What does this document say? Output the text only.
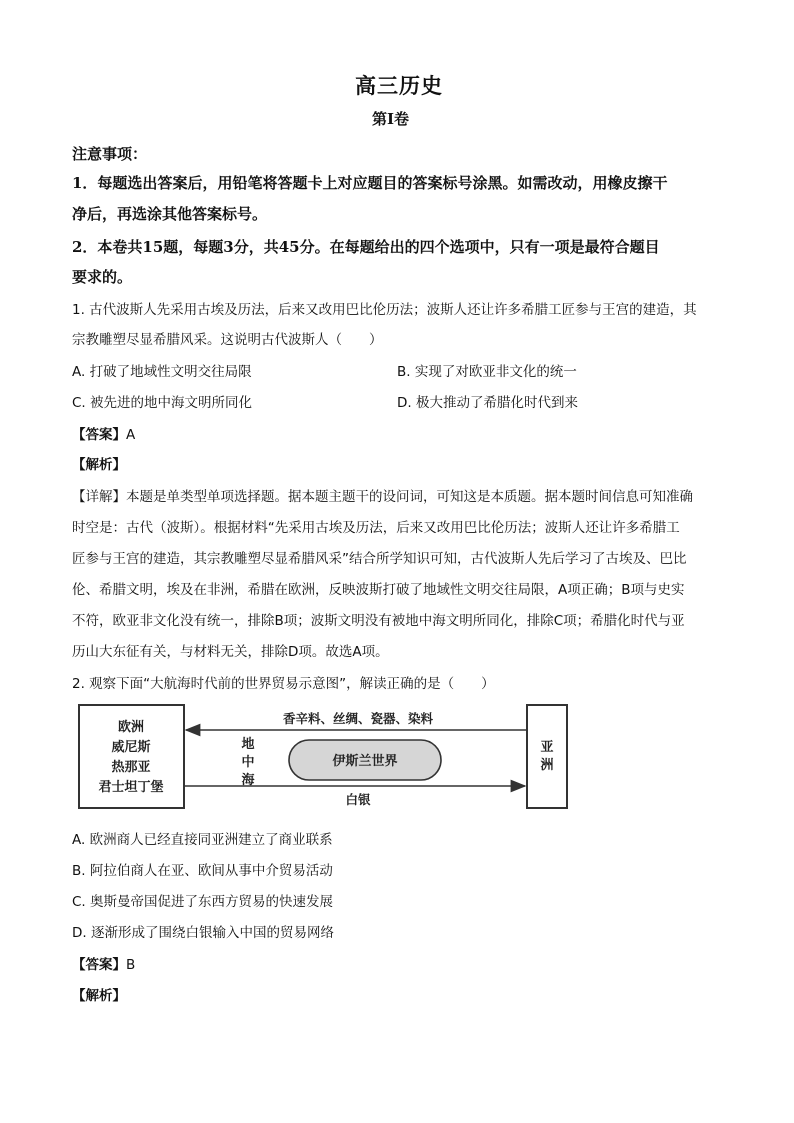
高三历史
第Ⅰ卷
注意事项：
1．每题选出答案后，用铅笔将答题卡上对应题目的答案标号涂黑。如需改动，用橡皮擦干
净后，再选涂其他答案标号。
2．本卷共15题，每题3分，共45分。在每题给出的四个选项中，只有一项是最符合题目
要求的。
1. 古代波斯人先采用古埃及历法，后来又改用巴比伦历法；波斯人还让许多希腊工匠参与王宫的建造，其
宗教雕塑尽显希腊风采。这说明古代波斯人（　　）
A. 打破了地域性文明交往局限	B. 实现了对欧亚非文化的统一
C. 被先进的地中海文明所同化	D. 极大推动了希腊化时代到来
【答案】A
【解析】
【详解】本题是单类型单项选择题。据本题主题干的设问词，可知这是本质题。据本题时间信息可知准确
时空是：古代（波斯）。根据材料“先采用古埃及历法，后来又改用巴比伦历法；波斯人还让许多希腊工
匠参与王宫的建造，其宗教雕塑尽显希腊风采”结合所学知识可知，古代波斯人先后学习了古埃及、巴比
伦、希腊文明，埃及在非洲，希腊在欧洲，反映波斯打破了地域性文明交往局限，A项正确；B项与史实
不符，欧亚非文化没有统一，排除B项；波斯文明没有被地中海文明所同化，排除C项；希腊化时代与亚
历山大东征有关，与材料无关，排除D项。故选A项。
2. 观察下面“大航海时代前的世界贸易示意图”，解读正确的是（　　）
欧洲
威尼斯
热那亚
君士坦丁堡
亚
洲
香辛料、丝绸、瓷器、染料
白银
地
中
海
伊斯兰世界
A. 欧洲商人已经直接同亚洲建立了商业联系
B. 阿拉伯商人在亚、欧间从事中介贸易活动
C. 奥斯曼帝国促进了东西方贸易的快速发展
D. 逐渐形成了围绕白银输入中国的贸易网络
【答案】B
【解析】
